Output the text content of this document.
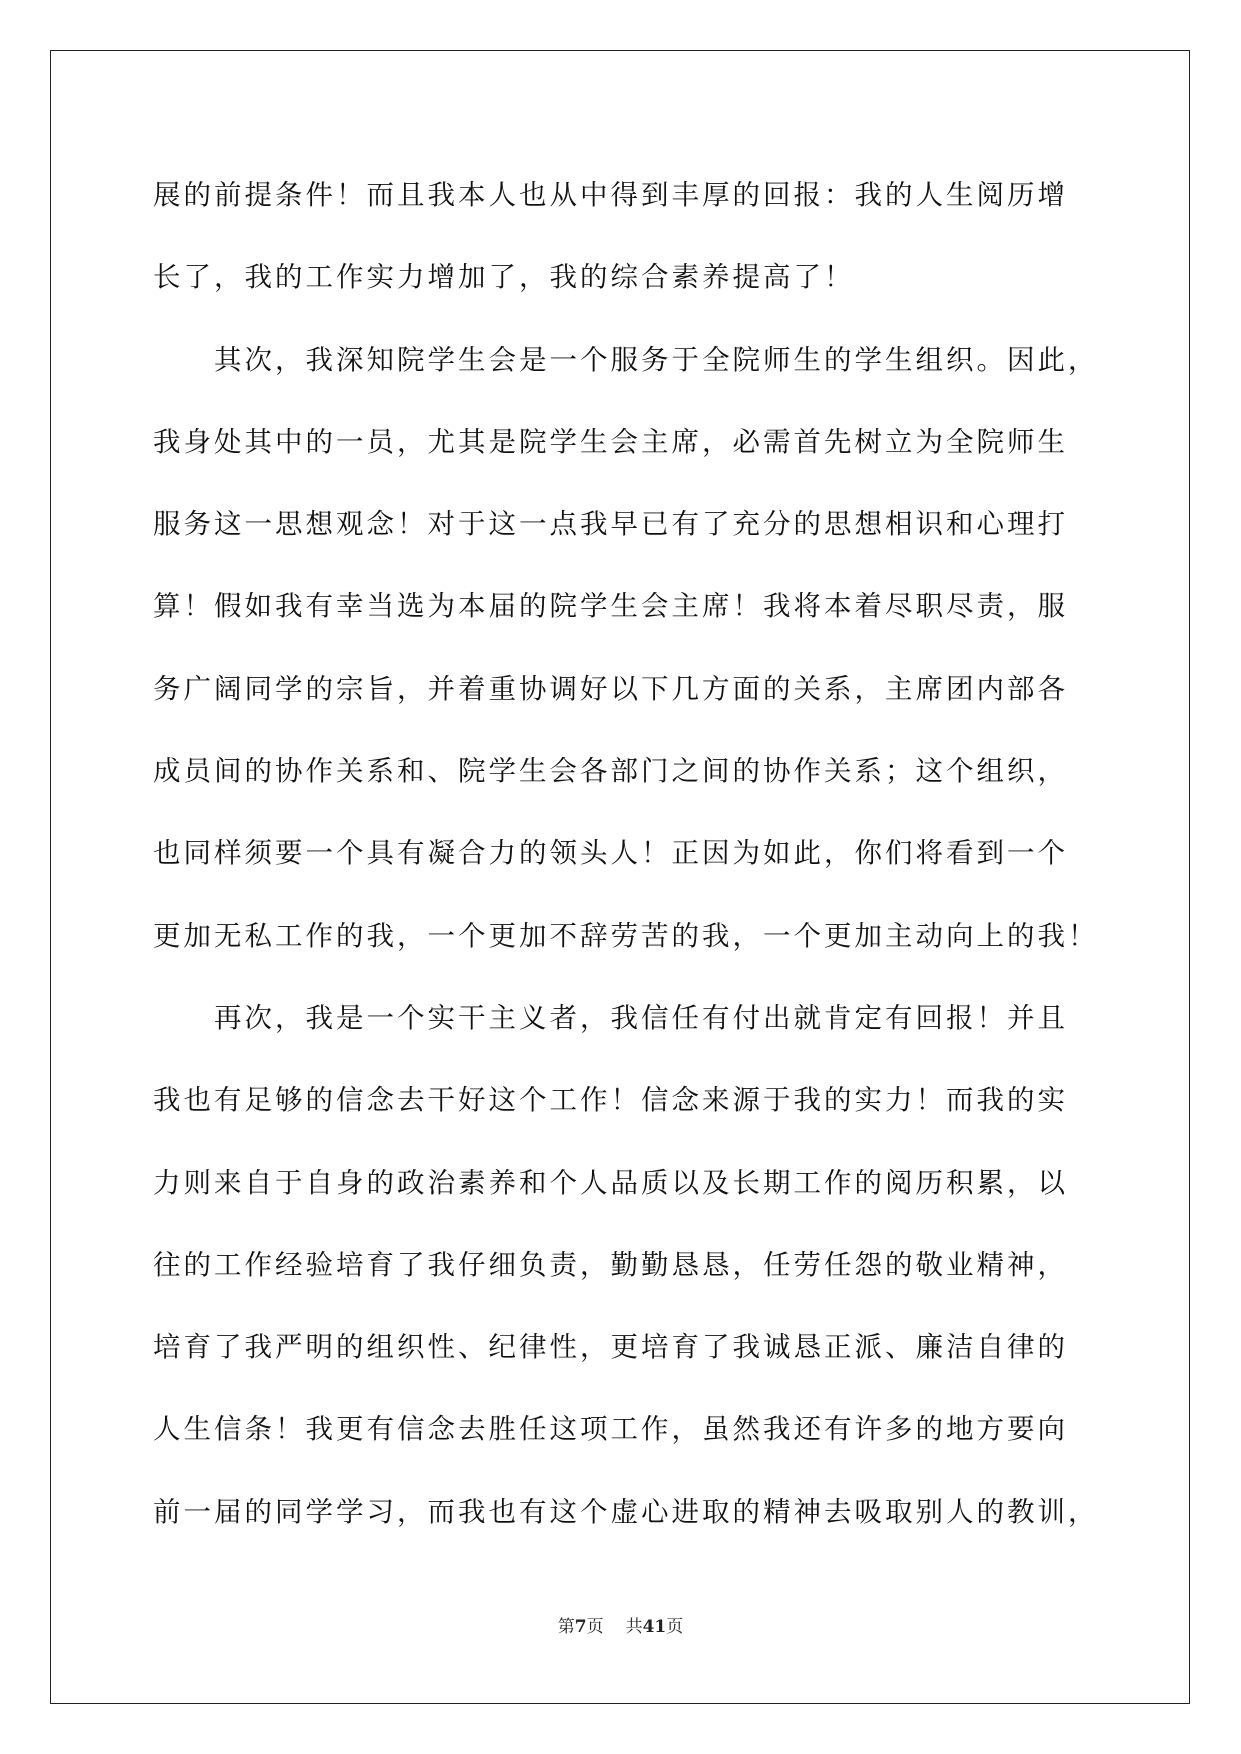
展的前提条件！而且我本人也从中得到丰厚的回报：我的人生阅历增
长了，我的工作实力增加了，我的综合素养提高了！
　　其次，我深知院学生会是一个服务于全院师生的学生组织。因此，
我身处其中的一员，尤其是院学生会主席，必需首先树立为全院师生
服务这一思想观念！对于这一点我早已有了充分的思想相识和心理打
算！假如我有幸当选为本届的院学生会主席！我将本着尽职尽责，服
务广阔同学的宗旨，并着重协调好以下几方面的关系，主席团内部各
成员间的协作关系和、院学生会各部门之间的协作关系；这个组织，
也同样须要一个具有凝合力的领头人！正因为如此，你们将看到一个
更加无私工作的我，一个更加不辞劳苦的我，一个更加主动向上的我！
　　再次，我是一个实干主义者，我信任有付出就肯定有回报！并且
我也有足够的信念去干好这个工作！信念来源于我的实力！而我的实
力则来自于自身的政治素养和个人品质以及长期工作的阅历积累，以
往的工作经验培育了我仔细负责，勤勤恳恳，任劳任怨的敬业精神，
培育了我严明的组织性、纪律性，更培育了我诚恳正派、廉洁自律的
人生信条！我更有信念去胜任这项工作，虽然我还有许多的地方要向
前一届的同学学习，而我也有这个虚心进取的精神去吸取别人的教训，
第7页 共41页
